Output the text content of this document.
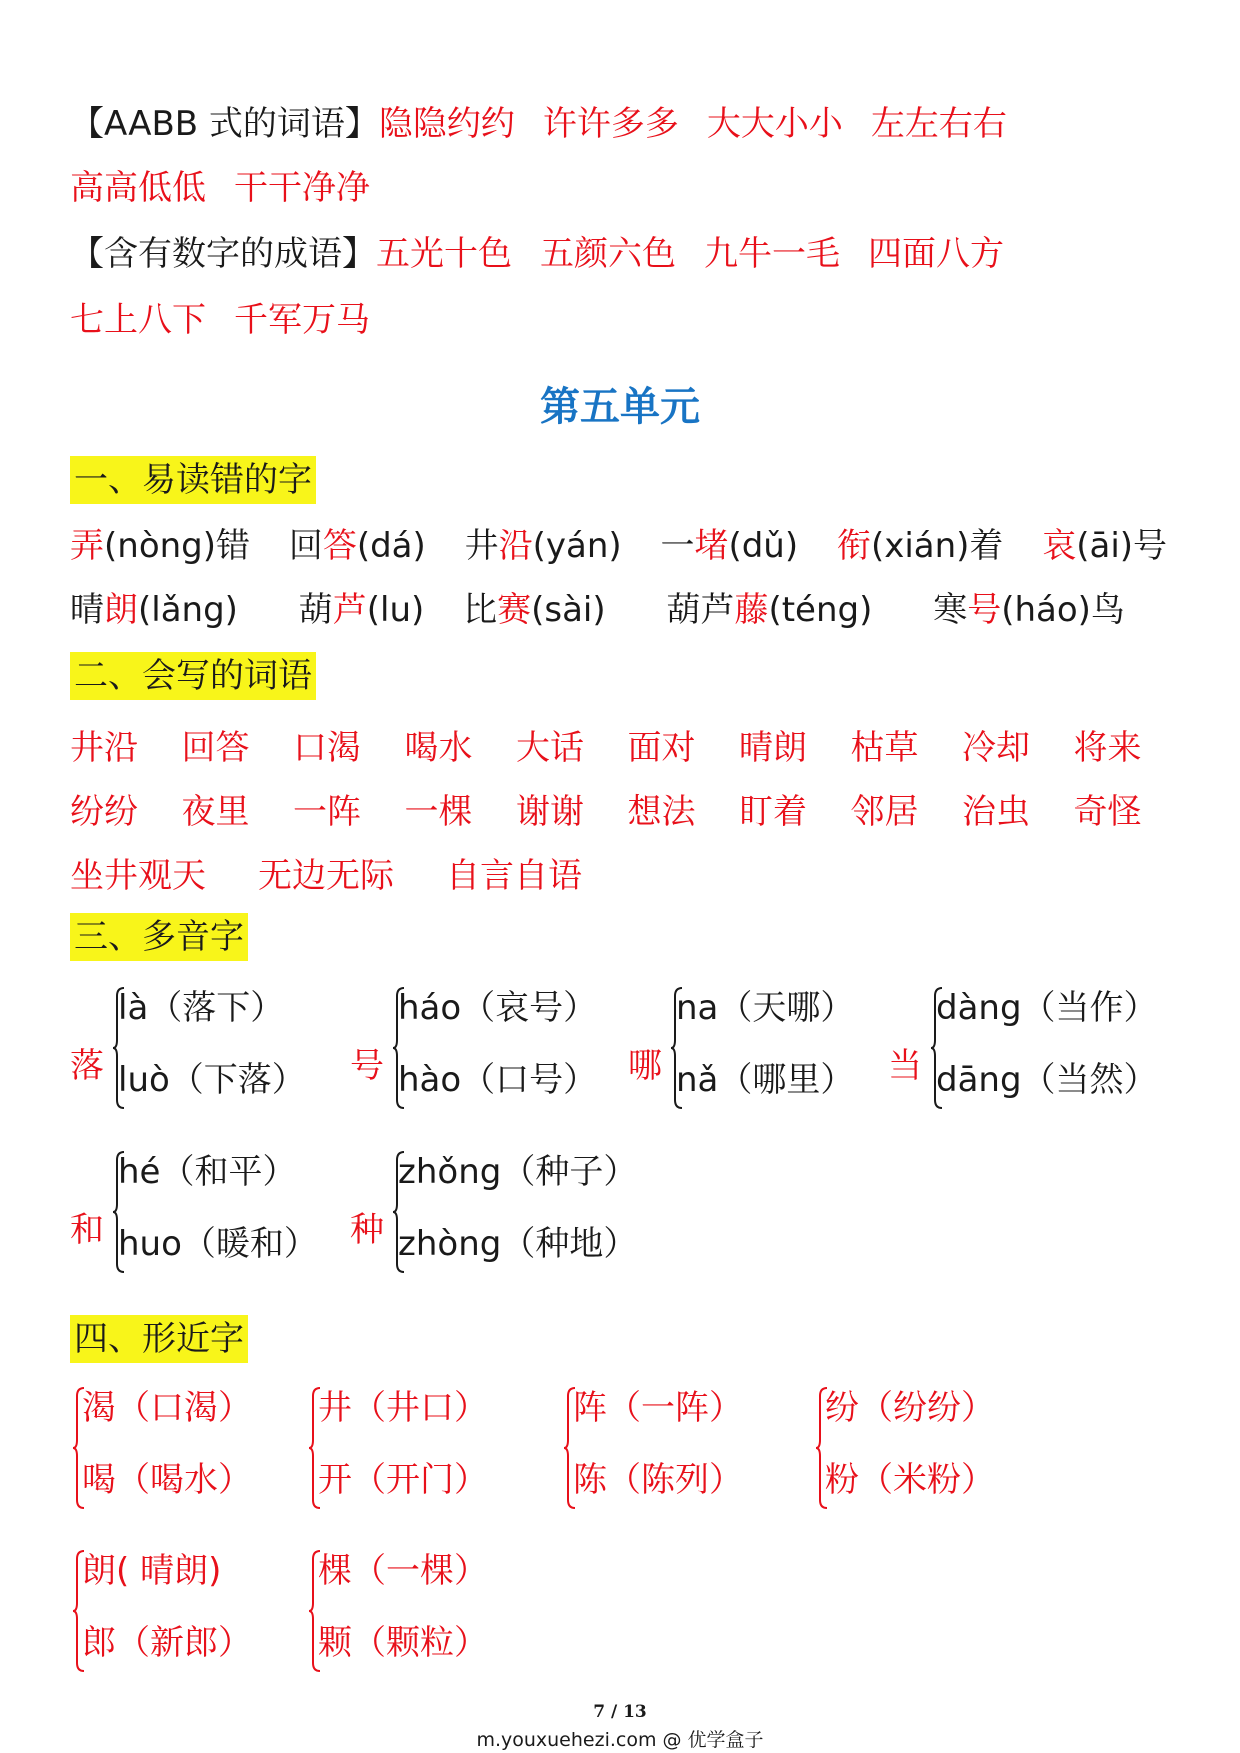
【AABB 式的词语】隐隐约约 许许多多 大大小小 左左右右
高高低低 干干净净
【含有数字的成语】五光十色 五颜六色 九牛一毛 四面八方
七上八下 千军万马
第五单元
一、易读错的字
弄(nòng)错 回答(dá) 井沿(yán) 一堵(dǔ) 衔(xián)着 哀(āi)号
晴朗(lǎng) 葫芦(lu) 比赛(sài) 葫芦藤(téng) 寒号(háo)鸟
二、会写的词语
井沿 回答 口渴 喝水 大话 面对 晴朗 枯草 冷却 将来
纷纷 夜里 一阵 一棵 谢谢 想法 盯着 邻居 治虫 奇怪
坐井观天 无边无际 自言自语
三、多音字
落
là（落下）
luò（下落） 号
háo（哀号）
hào（口号） 哪
na（天哪）
nǎ（哪里） 当
dàng（当作）
dāng（当然）
和
hé（和平）
huo（暖和） 种
zhǒng（种子）
zhòng（种地）
四、形近字
渴（口渴）
喝（喝水）
井（井口）
开（开门）
阵（一阵）
陈（陈列）
纷（纷纷）
粉（米粉）
朗( 晴朗)
郎（新郎）
棵（一棵）
颗（颗粒）
7 / 13
m.youxuehezi.com @ 优学盒子
